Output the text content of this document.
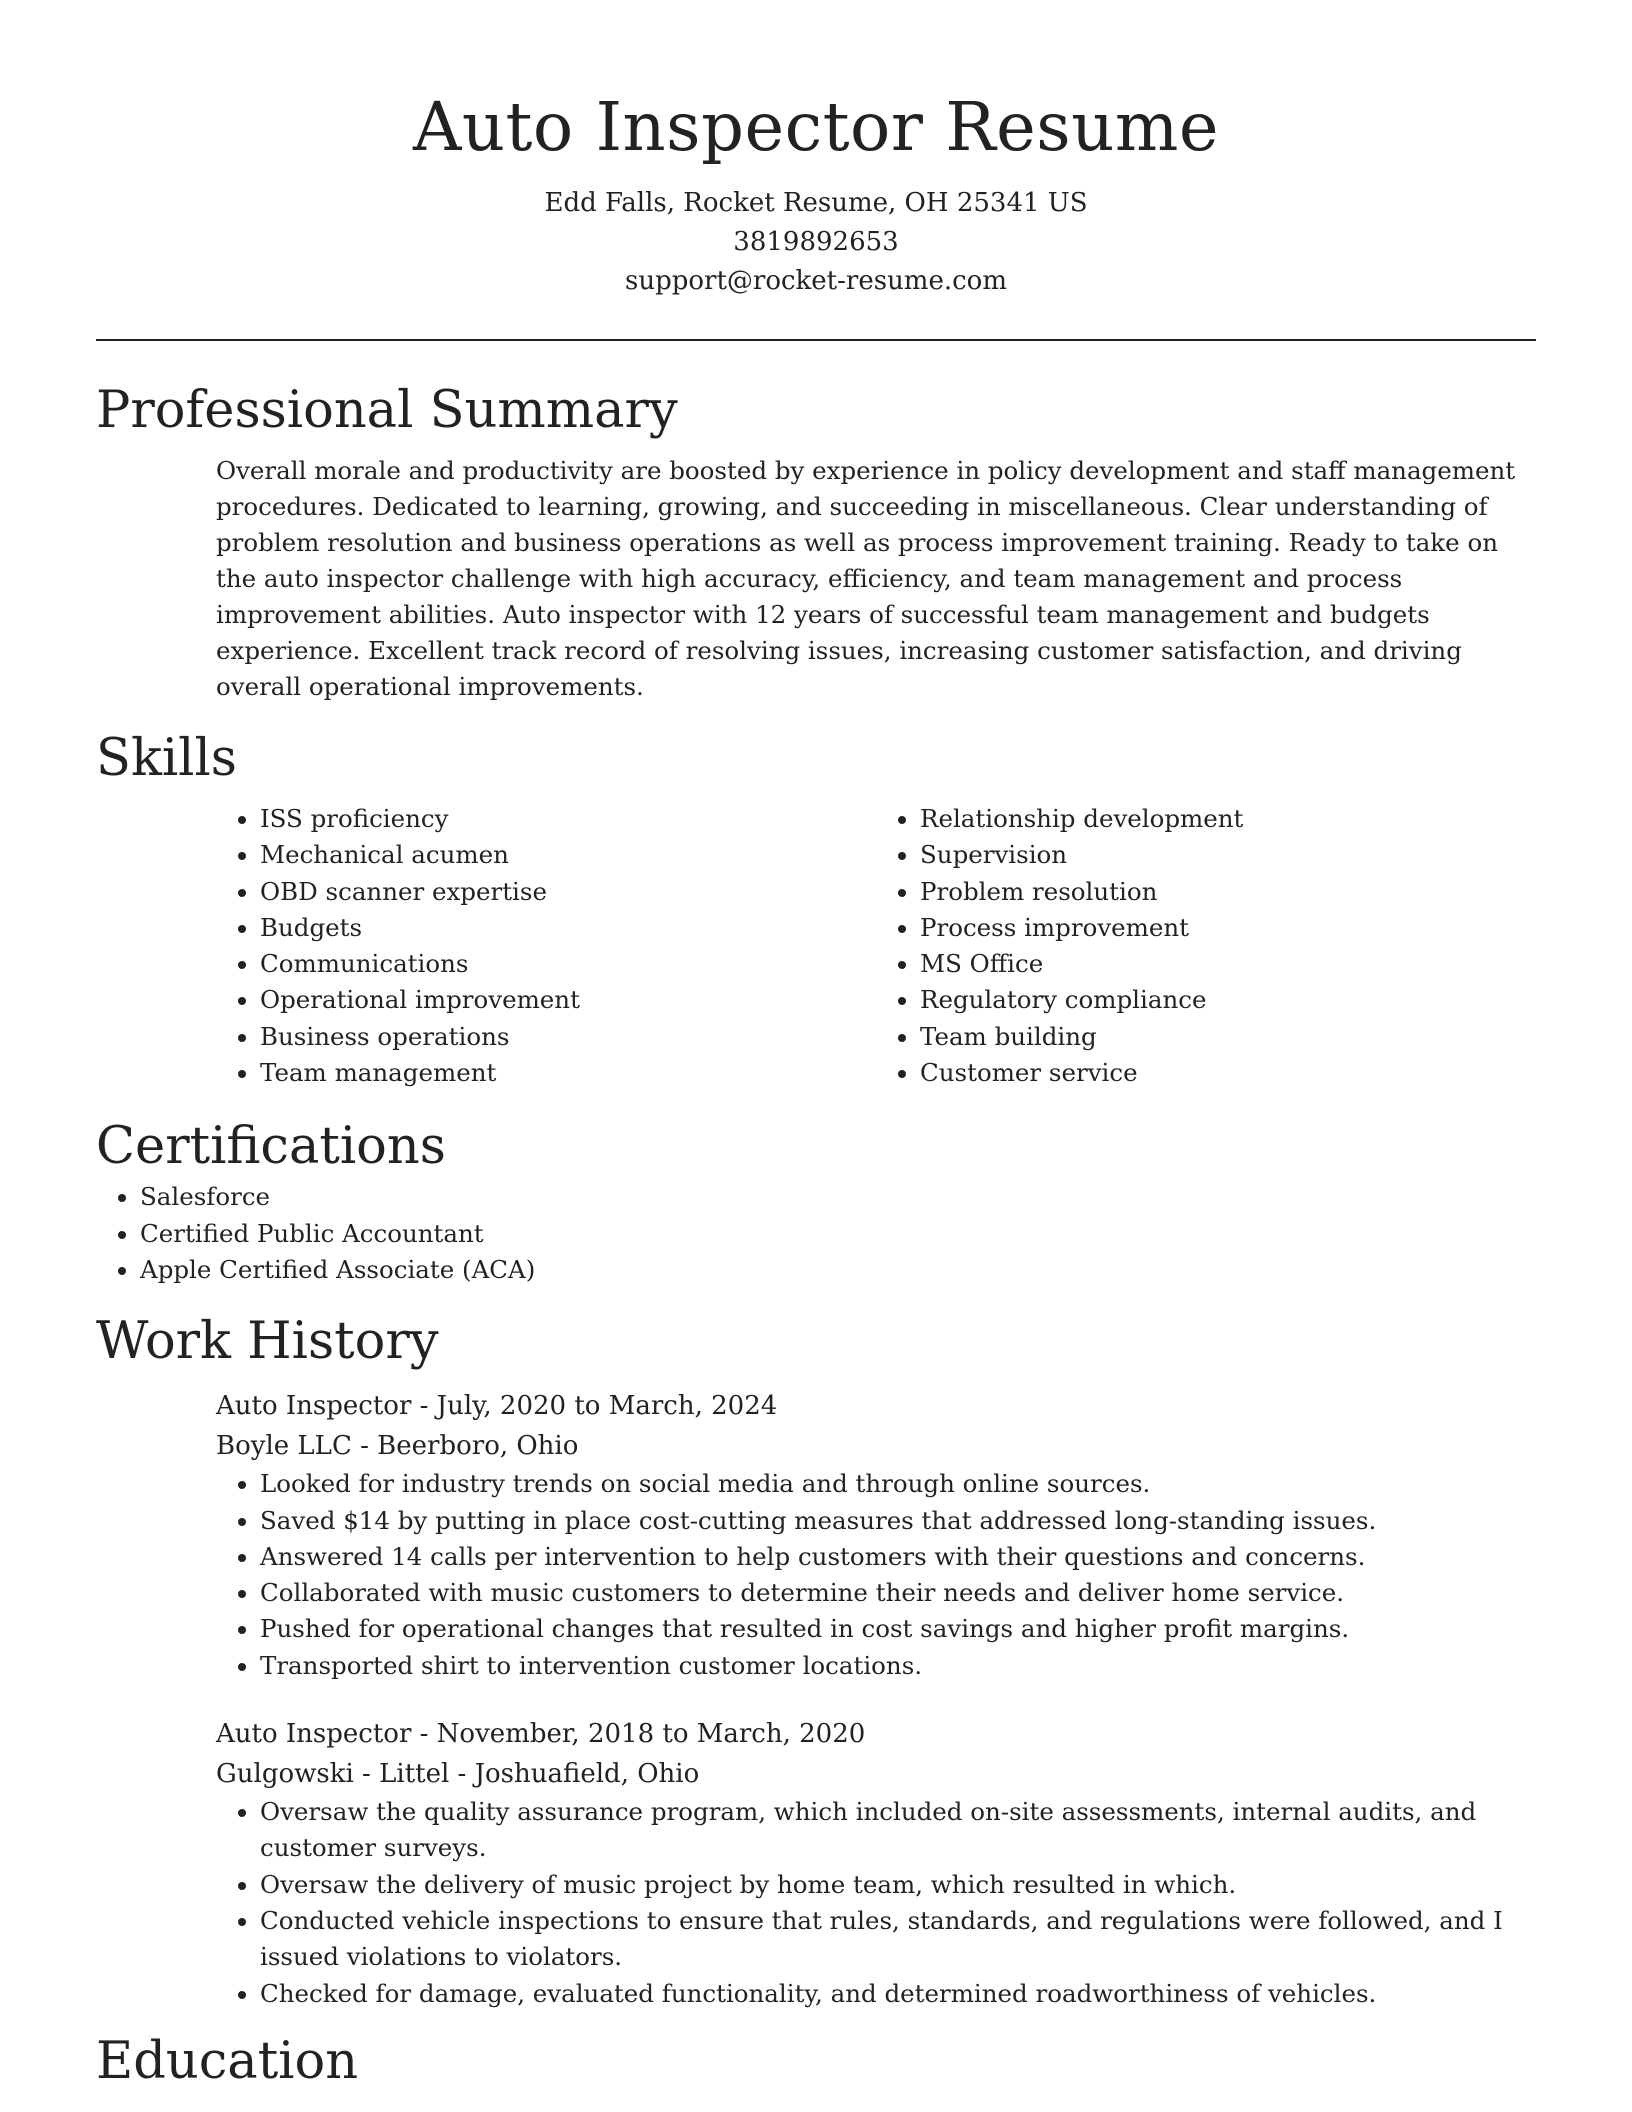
Auto Inspector Resume

Edd Falls, Rocket Resume, OH 25341 US

3819892653

support@rocket-resume.com

Professional Summary

Overall morale and productivity are boosted by experience in policy development and staff management procedures. Dedicated to learning, growing, and succeeding in miscellaneous. Clear understanding of problem resolution and business operations as well as process improvement training. Ready to take on the auto inspector challenge with high accuracy, efficiency, and team management and process improvement abilities. Auto inspector with 12 years of successful team management and budgets experience. Excellent track record of resolving issues, increasing customer satisfaction, and driving overall operational improvements.

Skills
• ISS proficiency
• Mechanical acumen
• OBD scanner expertise
• Budgets
• Communications
• Operational improvement
• Business operations
• Team management
• Relationship development
• Supervision
• Problem resolution
• Process improvement
• MS Office
• Regulatory compliance
• Team building
• Customer service
Certifications
• Salesforce
• Certified Public Accountant
• Apple Certified Associate (ACA)
Work History

Auto Inspector - July, 2020 to March, 2024

Boyle LLC - Beerboro, Ohio

• Looked for industry trends on social media and through online sources.
• Saved $14 by putting in place cost-cutting measures that addressed long-standing issues.
• Answered 14 calls per intervention to help customers with their questions and concerns.
• Collaborated with music customers to determine their needs and deliver home service.
• Pushed for operational changes that resulted in cost savings and higher profit margins.
• Transported shirt to intervention customer locations.

Auto Inspector - November, 2018 to March, 2020

Gulgowski - Littel - Joshuafield, Ohio

• Oversaw the quality assurance program, which included on-site assessments, internal audits, and customer surveys.
• Oversaw the delivery of music project by home team, which resulted in which.
• Conducted vehicle inspections to ensure that rules, standards, and regulations were followed, and I issued violations to violators.
• Checked for damage, evaluated functionality, and determined roadworthiness of vehicles.
Education
